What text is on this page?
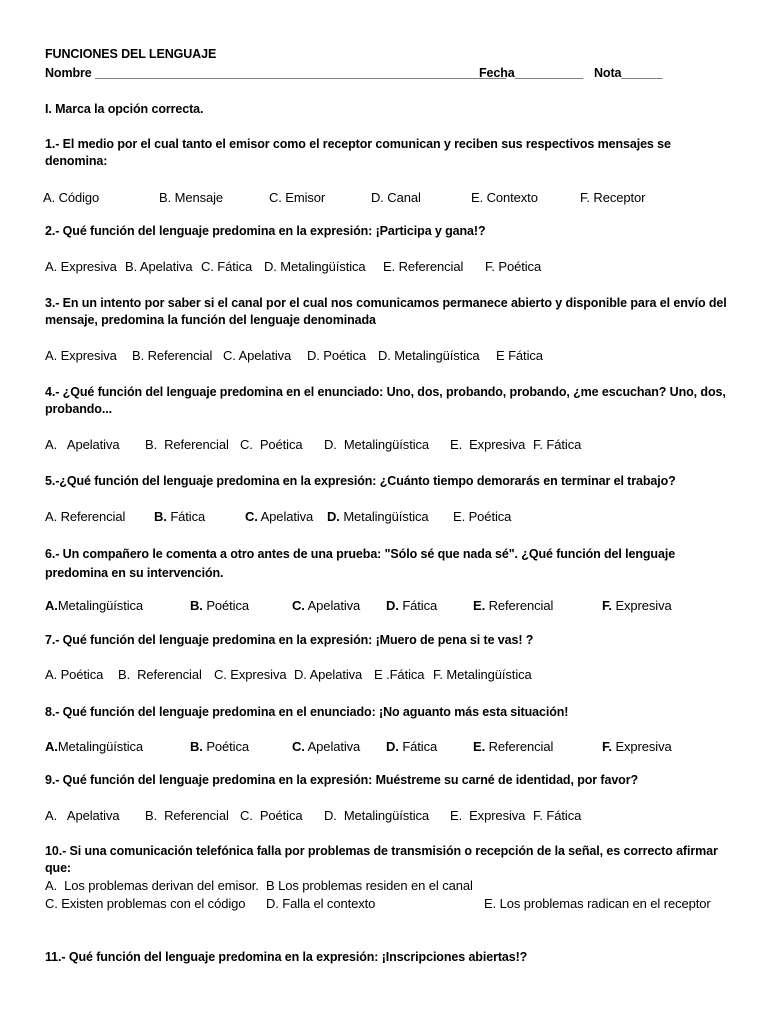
FUNCIONES DEL LENGUAJE
Nombre ____________________________________________________________
Fecha__________ Nota______
I. Marca la opción correcta.
1.- El medio por el cual tanto el emisor como el receptor comunican y reciben sus respectivos mensajes se denomina:
A. Código	B. Mensaje	C. Emisor	D. Canal	E. Contexto	F. Receptor
2.- Qué función del lenguaje predomina en la expresión: ¡Participa y gana!?
A. Expresiva B. Apelativa C. Fática D. Metalingüística E. Referencial F. Poética
3.- En un intento por saber si el canal por el cual nos comunicamos permanece abierto y disponible para el envío del mensaje, predomina la función del lenguaje denominada
A. Expresiva B. Referencial C. Apelativa D. Poética D. Metalingüística E Fática
4.- ¿Qué función del lenguaje predomina en el enunciado: Uno, dos, probando, probando, ¿me escuchan? Uno, dos, probando...
A.   Apelativa B.  Referencial C.  Poética D.  Metalingüística E.  Expresiva F. Fática
5.-¿Qué función del lenguaje predomina en la expresión: ¿Cuánto tiempo demorarás en terminar el trabajo?
A. Referencial B. Fática	C. Apelativa D. Metalingüística E. Poética
6.- Un compañero le comenta a otro antes de una prueba: "Sólo sé que nada sé". ¿Qué función del lenguaje predomina en su intervención.
A.Metalingüística	B. Poética	C. Apelativa D. Fática	E. Referencial	F. Expresiva
7.- Qué función del lenguaje predomina en la expresión: ¡Muero de pena si te vas! ?
A. Poética B.  Referencial C. Expresiva D. Apelativa E .Fática F. Metalingüística
8.- Qué función del lenguaje predomina en el enunciado: ¡No aguanto más esta situación!
A.Metalingüística	B. Poética	C. Apelativa D. Fática	E. Referencial	F. Expresiva
9.- Qué función del lenguaje predomina en la expresión: Muéstreme su carné de identidad, por favor?
A.   Apelativa B.  Referencial C.  Poética D.  Metalingüística E.  Expresiva F. Fática
10.- Si una comunicación telefónica falla por problemas de transmisión o recepción de la señal, es correcto afirmar que:
A.  Los problemas derivan del emisor. B Los problemas residen en el canal
C. Existen problemas con el código D. Falla el contexto	E. Los problemas radican en el receptor
11.- Qué función del lenguaje predomina en la expresión: ¡Inscripciones abiertas!?
